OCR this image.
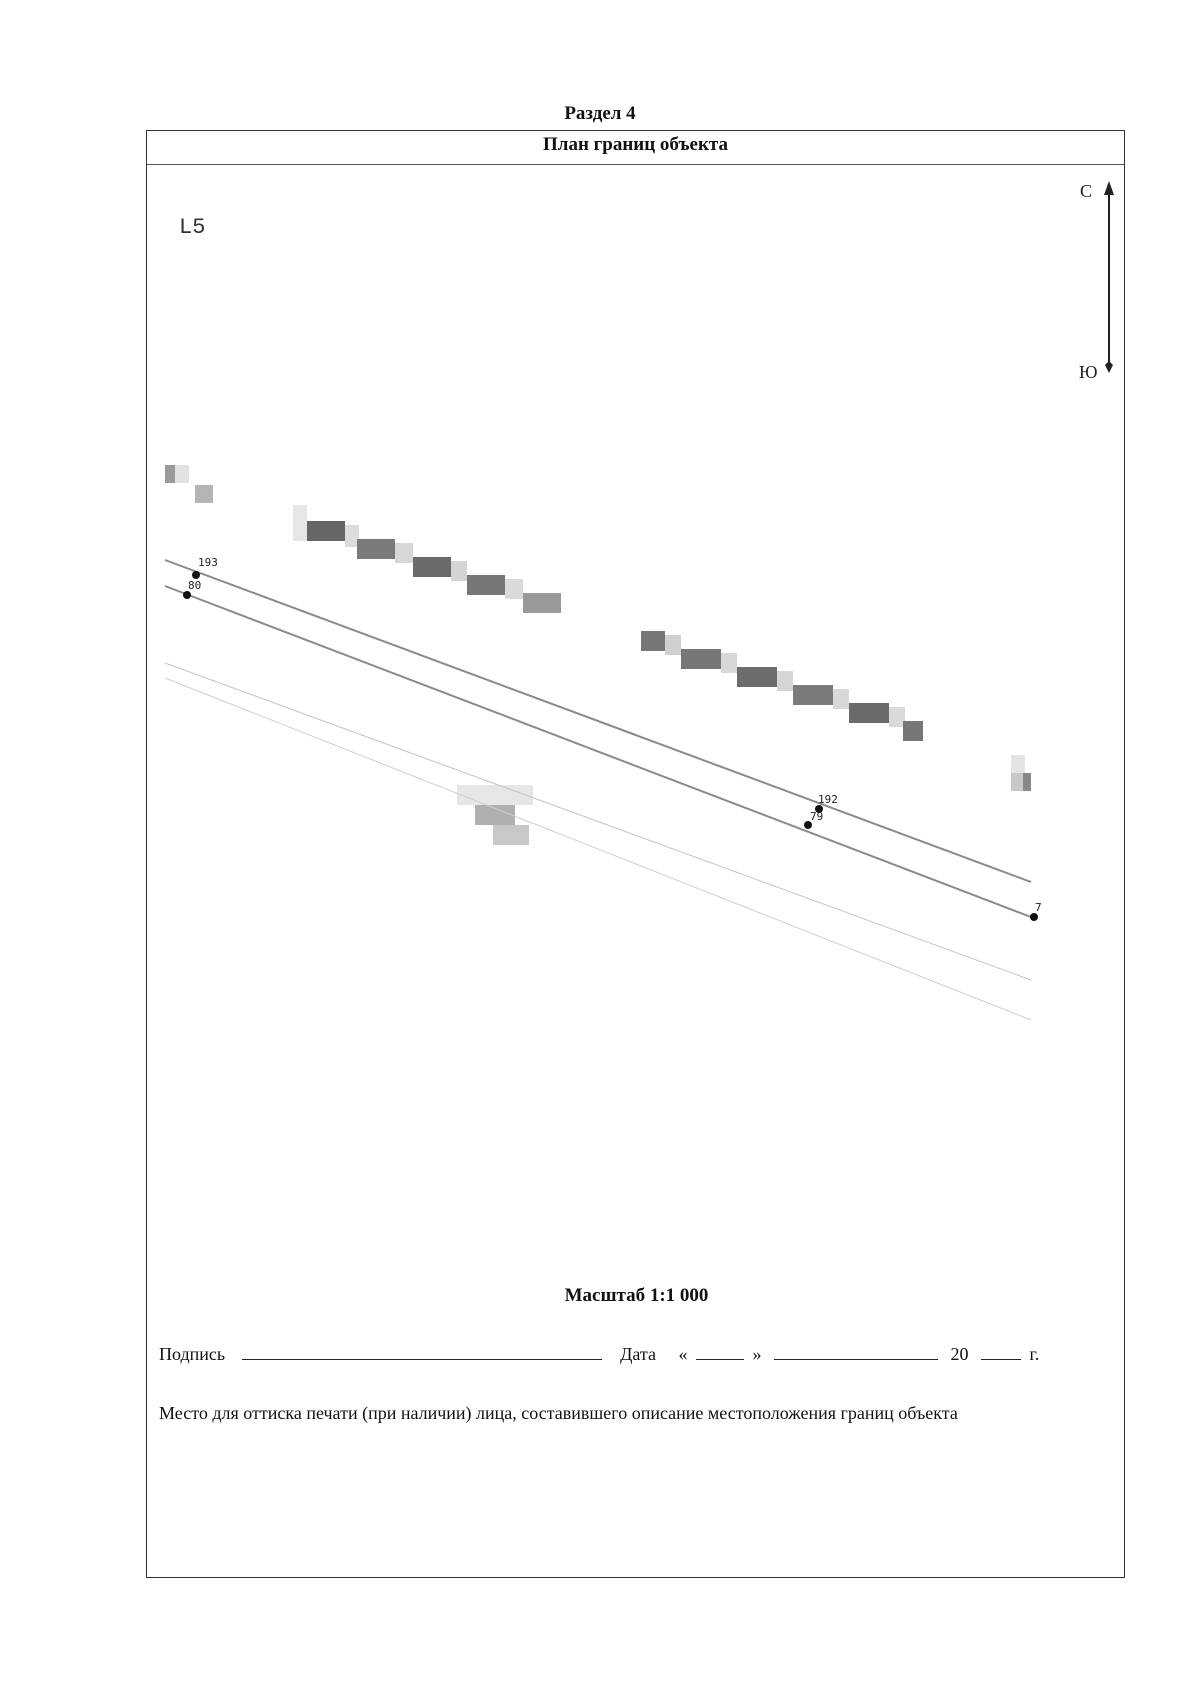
Раздел 4
План границ объекта
L5
С
Ю
193
80
192
79
7
Масштаб 1:1 000
Подпись	Дата «	»	20	г.
Место для оттиска печати (при наличии) лица, составившего описание местоположения границ объекта
